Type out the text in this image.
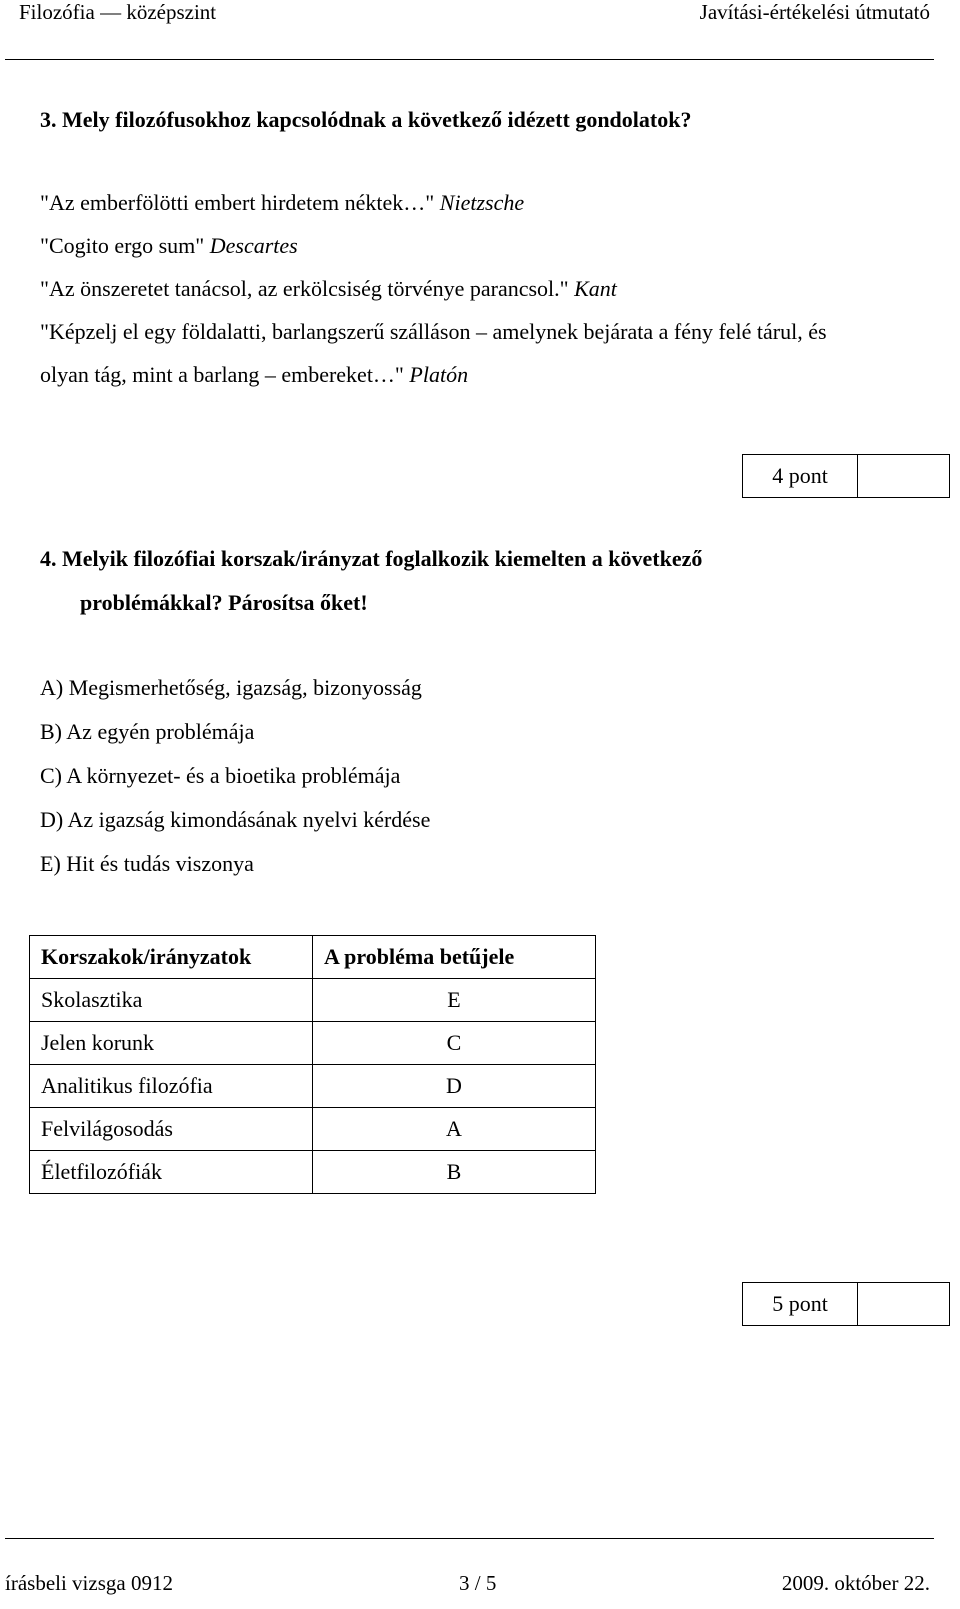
Filozófia — középszint	Javítási-értékelési útmutató
3. Mely filozófusokhoz kapcsolódnak a következő idézett gondolatok?
"Az emberfölötti embert hirdetem néktek…" Nietzsche
"Cogito ergo sum" Descartes
"Az önszeretet tanácsol, az erkölcsiség törvénye parancsol." Kant
"Képzelj el egy földalatti, barlangszerű szálláson – amelynek bejárata a fény felé tárul, és
olyan tág, mint a barlang – embereket…" Platón
4 pont
4. Melyik filozófiai korszak/irányzat foglalkozik kiemelten a következő
problémákkal? Párosítsa őket!
A) Megismerhetőség, igazság, bizonyosság
B) Az egyén problémája
C) A környezet- és a bioetika problémája
D) Az igazság kimondásának nyelvi kérdése
E) Hit és tudás viszonya
Korszakok/irányzatok	A probléma betűjele
Skolasztika	E
Jelen korunk	C
Analitikus filozófia	D
Felvilágosodás	A
Életfilozófiák	B
5 pont
írásbeli vizsga 0912	3 / 5	2009. október 22.
